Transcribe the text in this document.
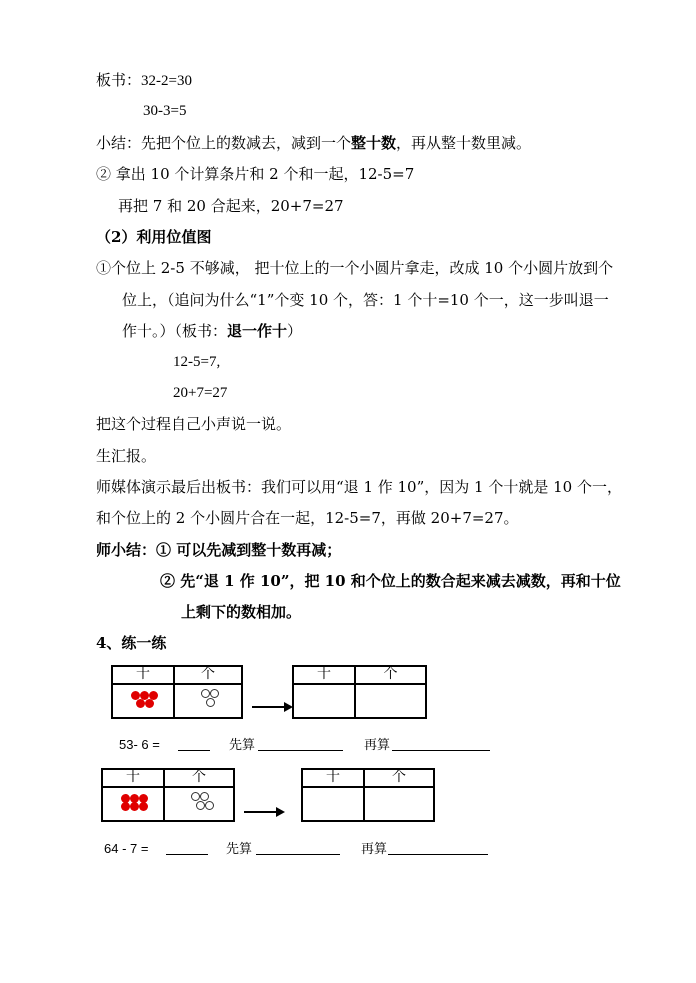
板书：32-2=30
30-3=5
小结：先把个位上的数减去，减到一个整十数，再从整十数里减。
② 拿出 10 个计算条片和 2 个和一起，12-5=7
再把 7 和 20 合起来，20+7=27
（2）利用位值图
①个位上 2-5 不够减， 把十位上的一个小圆片拿走，改成 10 个小圆片放到个
位上，（追问为什么“1”个变 10 个，答：1 个十=10 个一，这一步叫退一
作十。）（板书：退一作十）
12-5=7,
20+7=27
把这个过程自己小声说一说。
生汇报。
师媒体演示最后出板书：我们可以用“退 1 作 10”，因为 1 个十就是 10 个一，
和个位上的 2 个小圆片合在一起，12-5=7，再做 20+7=27。
师小结：① 可以先减到整十数再减；
② 先“退 1 作 10”，把 10 和个位上的数合起来减去减数，再和十位
上剩下的数相加。
4、练一练
十	个	十	个
53- 6 =	先算	再算
十	个	十	个
64 - 7 =	先算	再算
